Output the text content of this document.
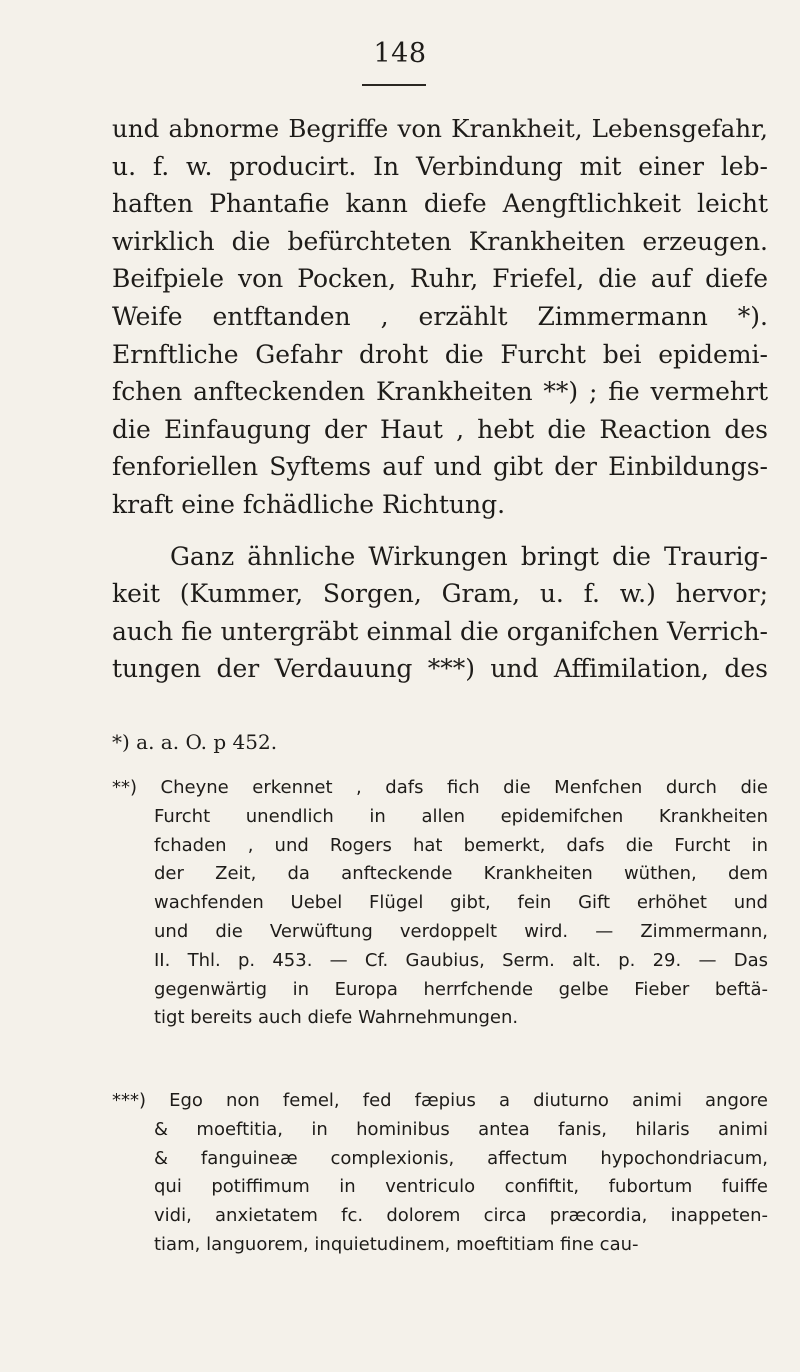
148
und abnorme Begriffe von Krankheit, Lebensgefahr,
u. f. w. producirt. In Verbindung mit einer leb-
haften Phantafie kann diefe Aengftlichkeit leicht
wirklich die befürchteten Krankheiten erzeugen.
Beifpiele von Pocken, Ruhr, Friefel, die auf diefe
Weife entftanden , erzählt Zimmermann *).
Ernftliche Gefahr droht die Furcht bei epidemi-
fchen anfteckenden Krankheiten **) ; fie vermehrt
die Einfaugung der Haut , hebt die Reaction des
fenforiellen Syftems auf und gibt der Einbildungs-
kraft eine fchädliche Richtung.
Ganz ähnliche Wirkungen bringt die Traurig-
keit (Kummer, Sorgen, Gram, u. f. w.) hervor;
auch fie untergräbt einmal die organifchen Verrich-
tungen der Verdauung ***) und Affimilation, des
*) a. a. O. p 452.
**) Cheyne erkennet , dafs fich die Menfchen durch die
Furcht unendlich in allen epidemifchen Krankheiten
fchaden , und Rogers hat bemerkt, dafs die Furcht in
der Zeit, da anfteckende Krankheiten wüthen, dem
wachfenden Uebel Flügel gibt, fein Gift erhöhet und
und die Verwüftung verdoppelt wird. — Zimmermann,
II. Thl. p. 453. — Cf. Gaubius, Serm. alt. p. 29. — Das
gegenwärtig in Europa herrfchende gelbe Fieber beftä-
tigt bereits auch diefe Wahrnehmungen.
***) Ego non femel, fed fæpius a diuturno animi angore
& moeftitia, in hominibus antea fanis, hilaris animi
& fanguineæ complexionis, affectum hypochondriacum,
qui potiffimum in ventriculo confiftit, fubortum fuiffe
vidi, anxietatem fc. dolorem circa præcordia, inappeten-
tiam, languorem, inquietudinem, moeftitiam fine cau-
